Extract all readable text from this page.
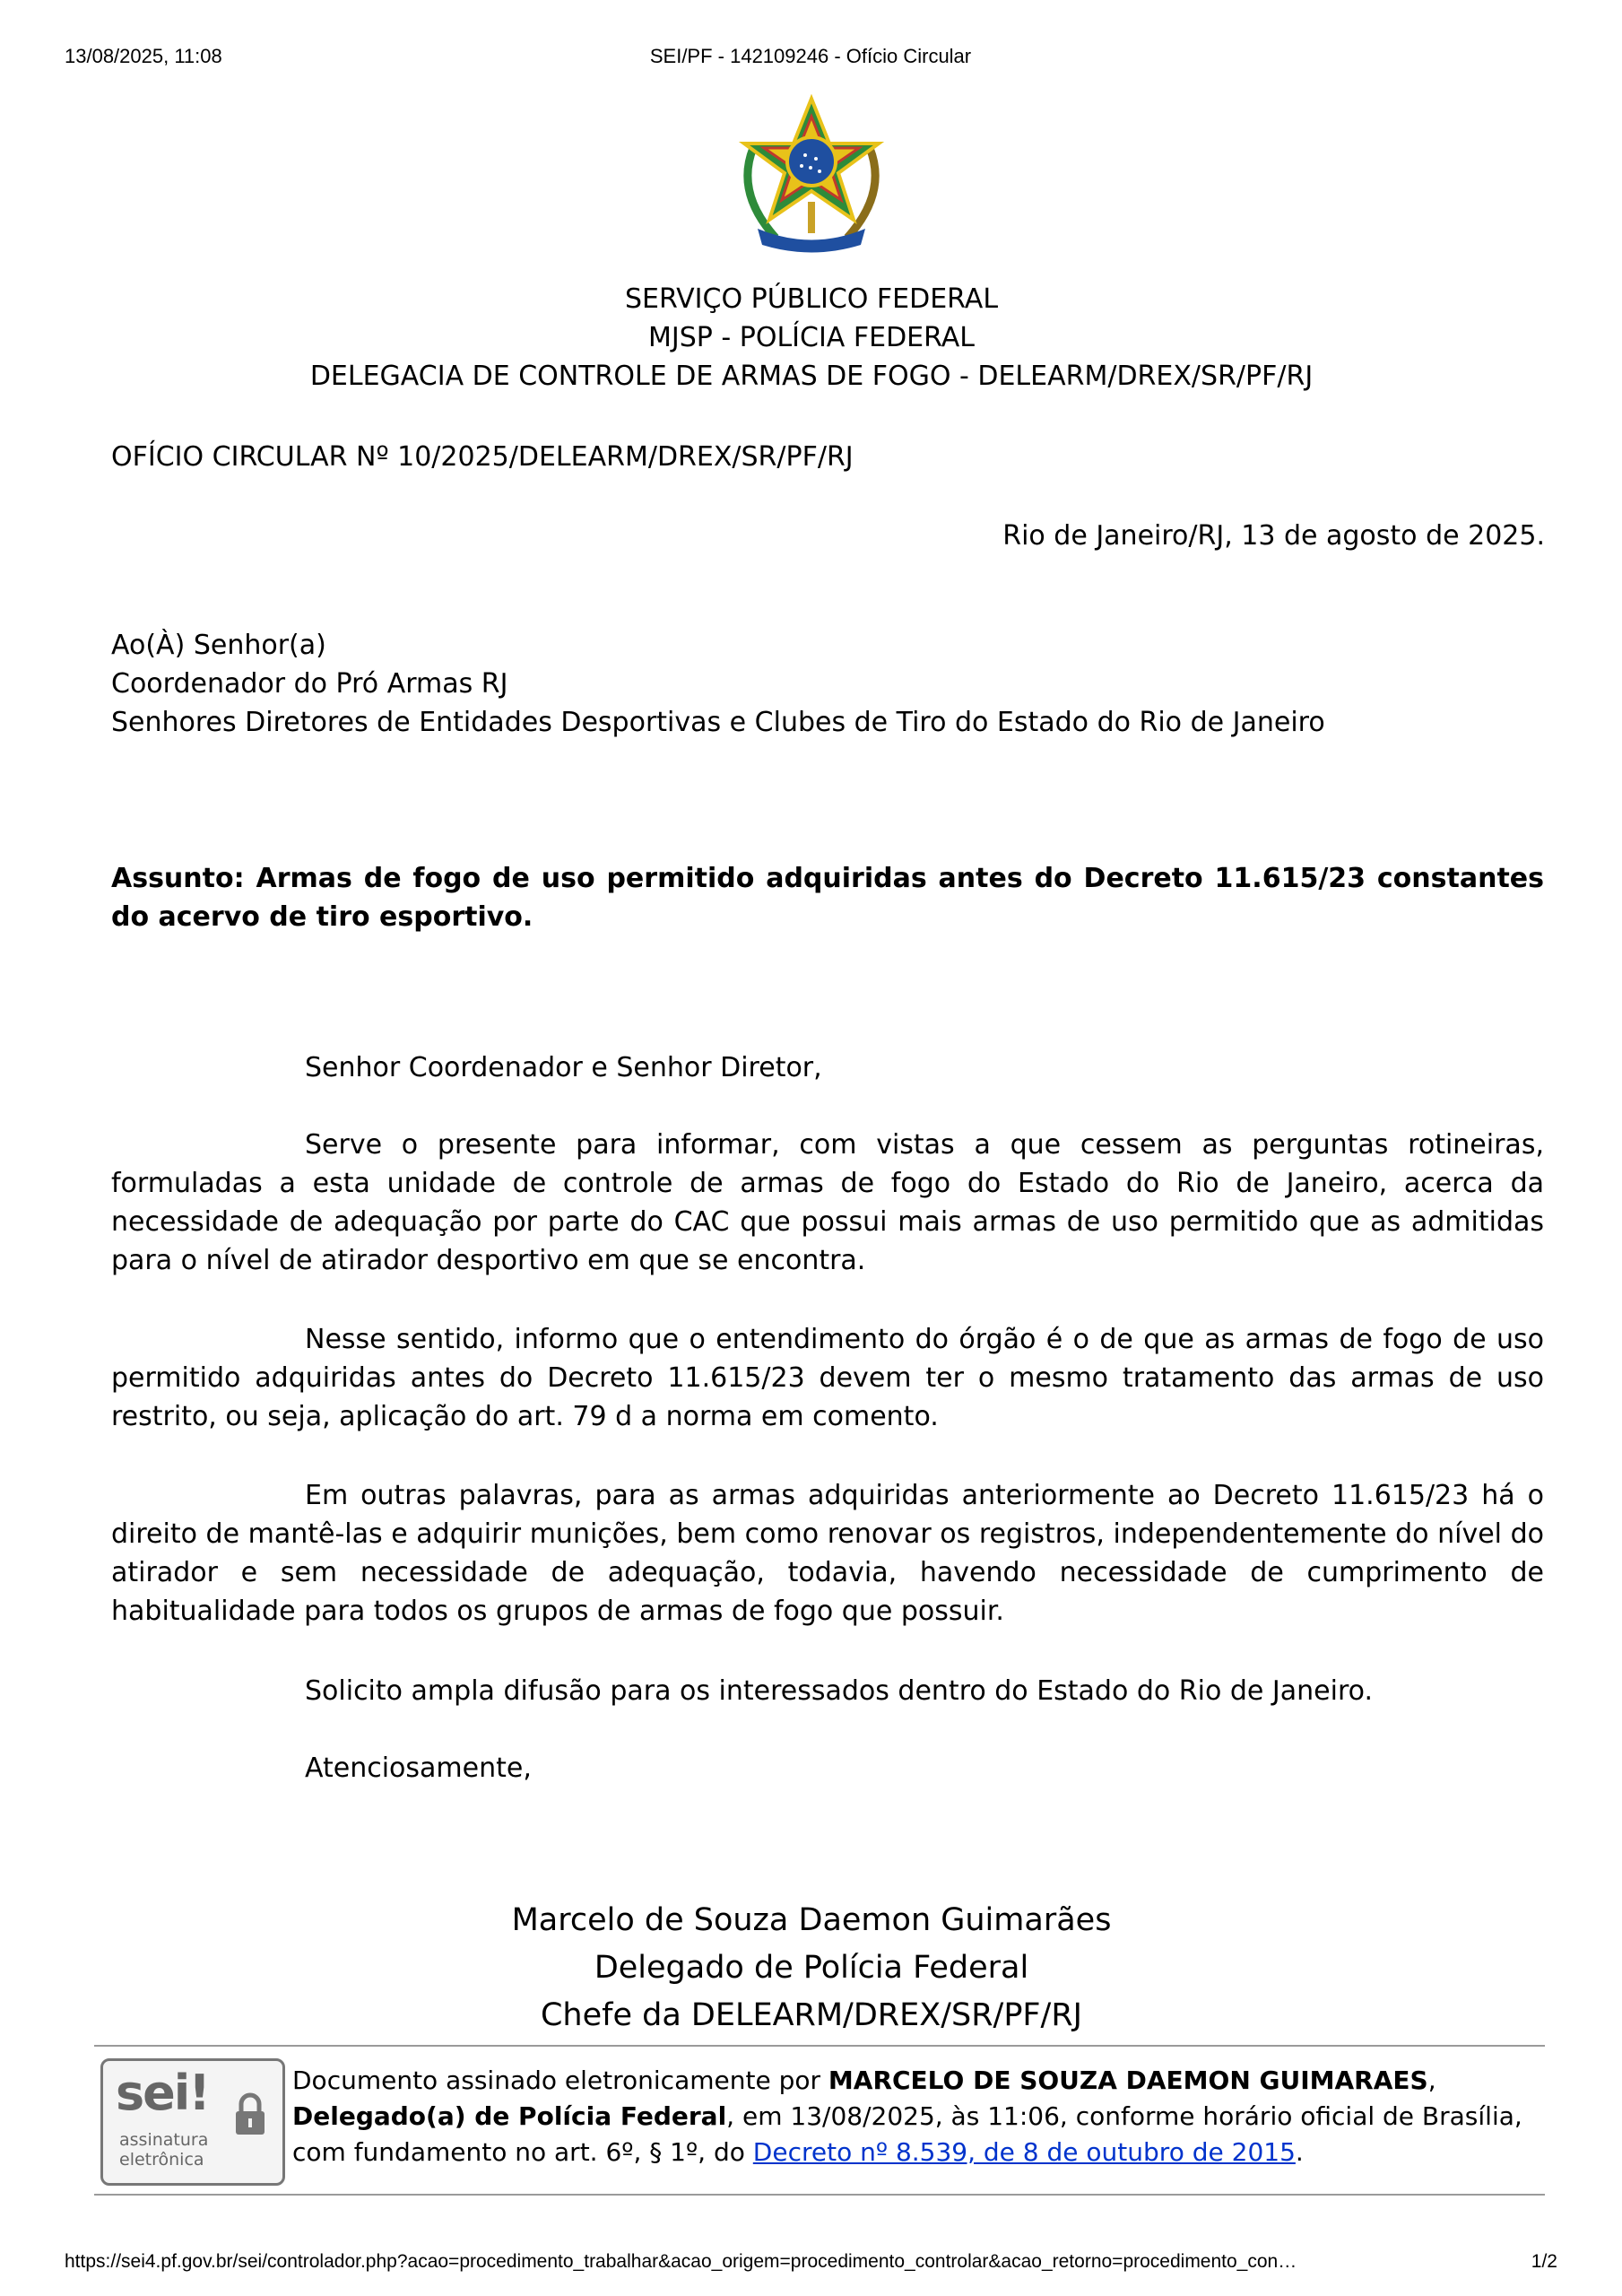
13/08/2025, 11:08	SEI/PF - 142109246 - Ofício Circular
SERVIÇO PÚBLICO FEDERAL
MJSP - POLÍCIA FEDERAL
DELEGACIA DE CONTROLE DE ARMAS DE FOGO - DELEARM/DREX/SR/PF/RJ
OFÍCIO CIRCULAR Nº 10/2025/DELEARM/DREX/SR/PF/RJ
Rio de Janeiro/RJ, 13 de agosto de 2025.
Ao(À) Senhor(a)
Coordenador do Pró Armas RJ
Senhores Diretores de Entidades Desportivas e Clubes de Tiro do Estado do Rio de Janeiro
Assunto: Armas de fogo de uso permitido adquiridas antes do Decreto 11.615/23 constantes do acervo de tiro esportivo.
Senhor Coordenador e Senhor Diretor,
Serve o presente para informar, com vistas a que cessem as perguntas rotineiras, formuladas a esta unidade de controle de armas de fogo do Estado do Rio de Janeiro, acerca da necessidade de adequação por parte do CAC que possui mais armas de uso permitido que as admitidas para o nível de atirador desportivo em que se encontra.
Nesse sentido, informo que o entendimento do órgão é o de que as armas de fogo de uso permitido adquiridas antes do Decreto 11.615/23 devem ter o mesmo tratamento das armas de uso restrito, ou seja, aplicação do art. 79 d a norma em comento.
Em outras palavras, para as armas adquiridas anteriormente ao Decreto 11.615/23 há o direito de mantê-las e adquirir munições, bem como renovar os registros, independentemente do nível do atirador e sem necessidade de adequação, todavia, havendo necessidade de cumprimento de habitualidade para todos os grupos de armas de fogo que possuir.
Solicito ampla difusão para os interessados dentro do Estado do Rio de Janeiro.
Atenciosamente,
Marcelo de Souza Daemon Guimarães
Delegado de Polícia Federal
Chefe da DELEARM/DREX/SR/PF/RJ
sei!
assinatura
eletrônica
Documento assinado eletronicamente por MARCELO DE SOUZA DAEMON GUIMARAES, Delegado(a) de Polícia Federal, em 13/08/2025, às 11:06, conforme horário oficial de Brasília, com fundamento no art. 6º, § 1º, do Decreto nº 8.539, de 8 de outubro de 2015.
https://sei4.pf.gov.br/sei/controlador.php?acao=procedimento_trabalhar&acao_origem=procedimento_controlar&acao_retorno=procedimento_con…	1/2
